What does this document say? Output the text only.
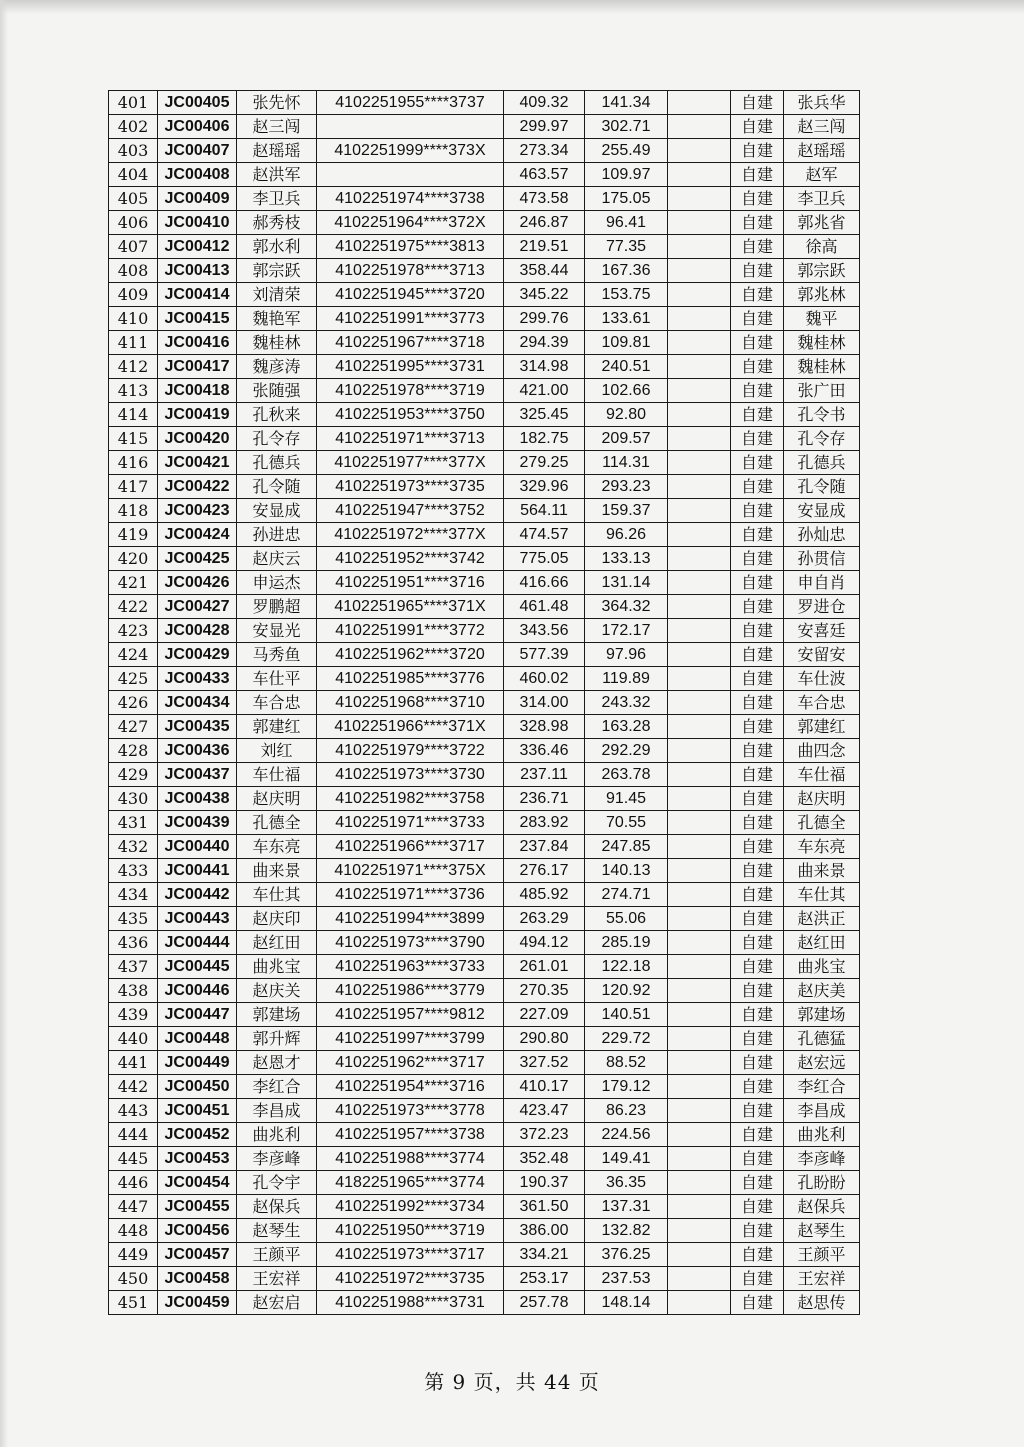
401	JC00405	张先怀	4102251955****3737	409.32	141.34		自建	张兵华
402	JC00406	赵三闯		299.97	302.71		自建	赵三闯
403	JC00407	赵瑶瑶	4102251999****373X	273.34	255.49		自建	赵瑶瑶
404	JC00408	赵洪军		463.57	109.97		自建	赵军
405	JC00409	李卫兵	4102251974****3738	473.58	175.05		自建	李卫兵
406	JC00410	郝秀枝	4102251964****372X	246.87	96.41		自建	郭兆省
407	JC00412	郭水利	4102251975****3813	219.51	77.35		自建	徐高
408	JC00413	郭宗跃	4102251978****3713	358.44	167.36		自建	郭宗跃
409	JC00414	刘清荣	4102251945****3720	345.22	153.75		自建	郭兆林
410	JC00415	魏艳军	4102251991****3773	299.76	133.61		自建	魏平
411	JC00416	魏桂林	4102251967****3718	294.39	109.81		自建	魏桂林
412	JC00417	魏彦涛	4102251995****3731	314.98	240.51		自建	魏桂林
413	JC00418	张随强	4102251978****3719	421.00	102.66		自建	张广田
414	JC00419	孔秋来	4102251953****3750	325.45	92.80		自建	孔令书
415	JC00420	孔令存	4102251971****3713	182.75	209.57		自建	孔令存
416	JC00421	孔德兵	4102251977****377X	279.25	114.31		自建	孔德兵
417	JC00422	孔令随	4102251973****3735	329.96	293.23		自建	孔令随
418	JC00423	安显成	4102251947****3752	564.11	159.37		自建	安显成
419	JC00424	孙进忠	4102251972****377X	474.57	96.26		自建	孙灿忠
420	JC00425	赵庆云	4102251952****3742	775.05	133.13		自建	孙贯信
421	JC00426	申运杰	4102251951****3716	416.66	131.14		自建	申自肖
422	JC00427	罗鹏超	4102251965****371X	461.48	364.32		自建	罗进仓
423	JC00428	安显光	4102251991****3772	343.56	172.17		自建	安喜廷
424	JC00429	马秀鱼	4102251962****3720	577.39	97.96		自建	安留安
425	JC00433	车仕平	4102251985****3776	460.02	119.89		自建	车仕波
426	JC00434	车合忠	4102251968****3710	314.00	243.32		自建	车合忠
427	JC00435	郭建红	4102251966****371X	328.98	163.28		自建	郭建红
428	JC00436	刘红	4102251979****3722	336.46	292.29		自建	曲四念
429	JC00437	车仕福	4102251973****3730	237.11	263.78		自建	车仕福
430	JC00438	赵庆明	4102251982****3758	236.71	91.45		自建	赵庆明
431	JC00439	孔德全	4102251971****3733	283.92	70.55		自建	孔德全
432	JC00440	车东亮	4102251966****3717	237.84	247.85		自建	车东亮
433	JC00441	曲来景	4102251971****375X	276.17	140.13		自建	曲来景
434	JC00442	车仕其	4102251971****3736	485.92	274.71		自建	车仕其
435	JC00443	赵庆印	4102251994****3899	263.29	55.06		自建	赵洪正
436	JC00444	赵红田	4102251973****3790	494.12	285.19		自建	赵红田
437	JC00445	曲兆宝	4102251963****3733	261.01	122.18		自建	曲兆宝
438	JC00446	赵庆关	4102251986****3779	270.35	120.92		自建	赵庆美
439	JC00447	郭建场	4102251957****9812	227.09	140.51		自建	郭建场
440	JC00448	郭升辉	4102251997****3799	290.80	229.72		自建	孔德猛
441	JC00449	赵恩才	4102251962****3717	327.52	88.52		自建	赵宏远
442	JC00450	李红合	4102251954****3716	410.17	179.12		自建	李红合
443	JC00451	李昌成	4102251973****3778	423.47	86.23		自建	李昌成
444	JC00452	曲兆利	4102251957****3738	372.23	224.56		自建	曲兆利
445	JC00453	李彦峰	4102251988****3774	352.48	149.41		自建	李彦峰
446	JC00454	孔令宇	4182251965****3774	190.37	36.35		自建	孔盼盼
447	JC00455	赵保兵	4102251992****3734	361.50	137.31		自建	赵保兵
448	JC00456	赵琴生	4102251950****3719	386.00	132.82		自建	赵琴生
449	JC00457	王颜平	4102251973****3717	334.21	376.25		自建	王颜平
450	JC00458	王宏祥	4102251972****3735	253.17	237.53		自建	王宏祥
451	JC00459	赵宏启	4102251988****3731	257.78	148.14		自建	赵思传
第 9 页，共 44 页
